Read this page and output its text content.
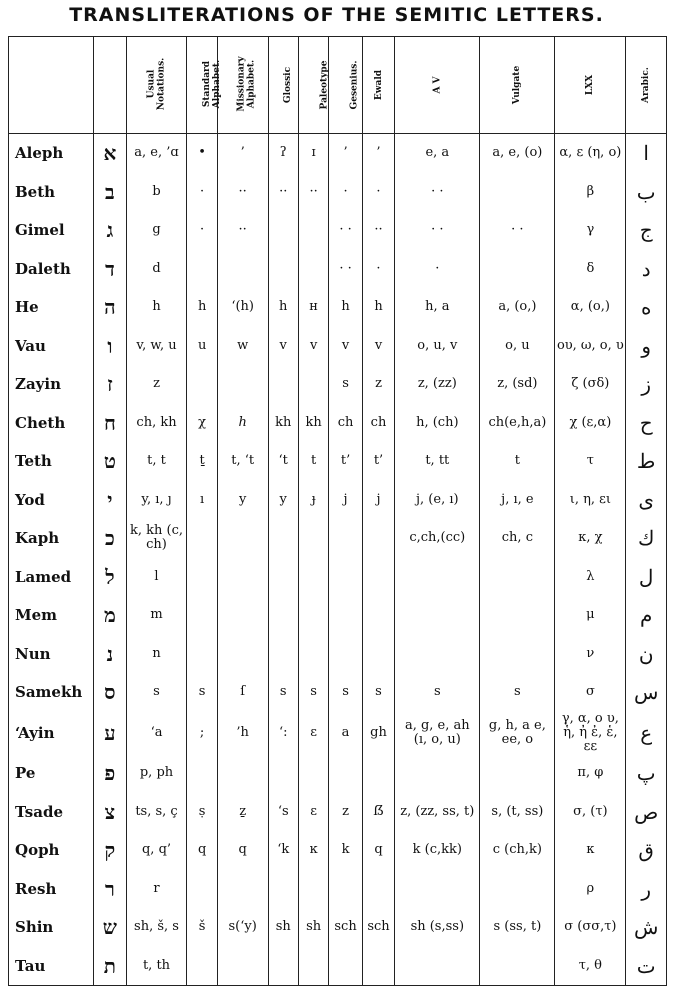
TRANSLITERATIONS OF THE SEMITIC LETTERS.
		Usual
Notations.	Standard
Alphabet.	Missionary
Alphabet.	Glossic	Paleotype	Gesenius.	Ewald	A V	Vulgate	LXX	Arabic.
Aleph	א	a, e, ’ɑ	•	’	ʔ	ɪ	’	’	e, a	a, e, (o)	α, ε (η, ο)	ا
Beth	ב	b	·	··	··	··	·	·	· ·		β	ب
Gimel	ג	g	·	··			· ·	··	· ·	· ·	γ	ج
Daleth	ד	d					· ·	·	·		δ	د
He	ה	h	h	‘(h)	h	ʜ	h	h	h, a	a, (o,)	α, (ο,)	ه
Vau	ו	v, w, u	u	w	v	v	v	v	o, u, v	o, u	ου, ω, ο, υ	و
Zayin	ז	z					s	z	z, (zz)	z, (sd)	ζ (σδ)	ز
Cheth	ח	ch, kh	χ	ℎ	kh	kh	ch	ch	h, (ch)	ch(e,h,a)	χ (ε,α)	ح
Teth	ט	t, t	ṯ	t, ‘t	‘t	t	t’	t’	t, tt	t	τ	ط
Yod	י	y, ı, ȷ	ı	y	y	ɟ	j	j	j, (e, ı)	j, ı, e	ι, η, ει	ى
Kaph	כ	k, kh (c, ch)							c,ch,(cc)	ch, c	κ, χ	ك
Lamed	ל	l									λ	ل
Mem	מ	m									μ	م
Nun	נ	n									ν	ن
Samekh	ס	s	s	ſ	s	s	s	s	s	s	σ	س
‘Ayin	ע	‘a	;	’h	‘:	ɛ	a	gh	a, g, e, ah (ı, o, u)	g, h, a e, ee, o	γ, α, ο υ, ἡ, ἠ ἐ, ἑ, εε	ع
Pe	פ	p, ph									π, φ	پ
Tsade	צ	ts, s, ç	ṣ	ẕ	‘s	ɛ	z	ẞ	z, (zz, ss, t)	s, (t, ss)	σ, (τ)	ص
Qoph	ק	q, q’	q	q	‘k	ĸ	k	q	k (c,kk)	c (ch,k)	κ	ق
Resh	ר	r									ρ	ر
Shin	ש	sh, š, s	š	s(‘y)	sh	sh	sch	sch	sh (s,ss)	s (ss, t)	σ (σσ,τ)	ش
Tau	ת	t, th									τ, θ	ت
